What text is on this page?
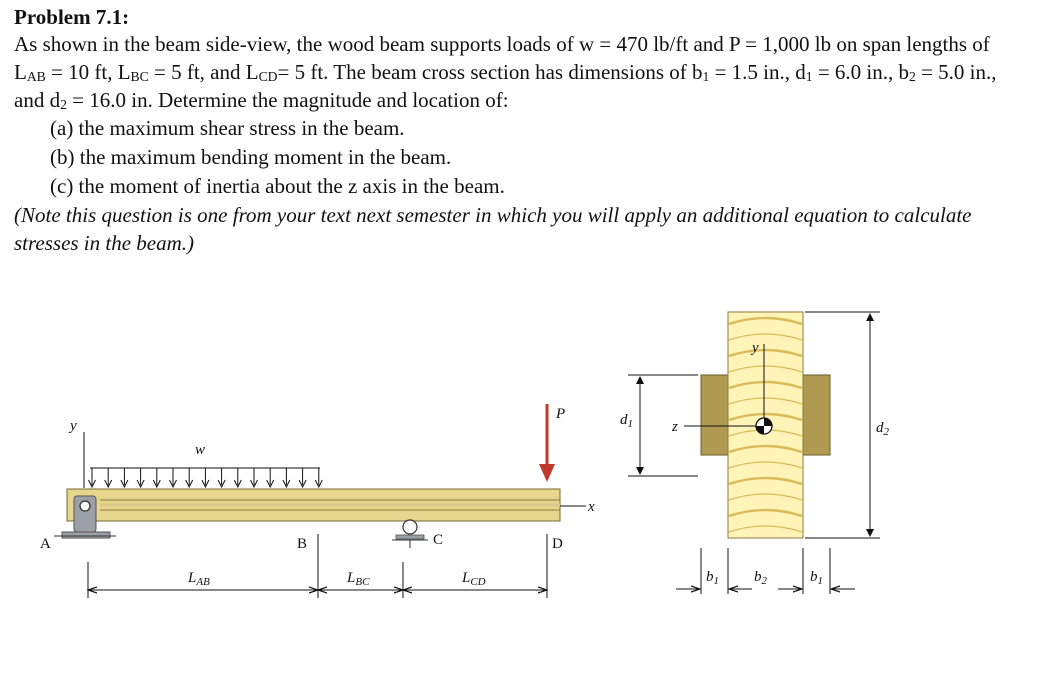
Problem 7.1:

As shown in the beam side-view, the wood beam supports loads of w = 470 lb/ft and P = 1,000 lb on span lengths of $L_{AB} = 10$ ft, $L_{BC} = 5$ ft, and $L_{CD}= 5$ ft. The beam cross section has dimensions of $b_1 = 1.5$ in., $d_1 = 6.0$ in., $b_2 = 5.0$ in., and $d_2 = 16.0$ in. Determine the magnitude and location of:

(a) the maximum shear stress in the beam.

(b) the maximum bending moment in the beam.

(c) the moment of inertia about the z axis in the beam.

(Note this question is one from your text next semester in which you will apply an additional equation to calculate stresses in the beam.)

y
w
x
A	C
B	D
P
$L_{AB}$	$L_{BC}$	$L_{CD}$
y
z
$d_1$	$d_2$
$b_1$ $b_2$	$b_1$
